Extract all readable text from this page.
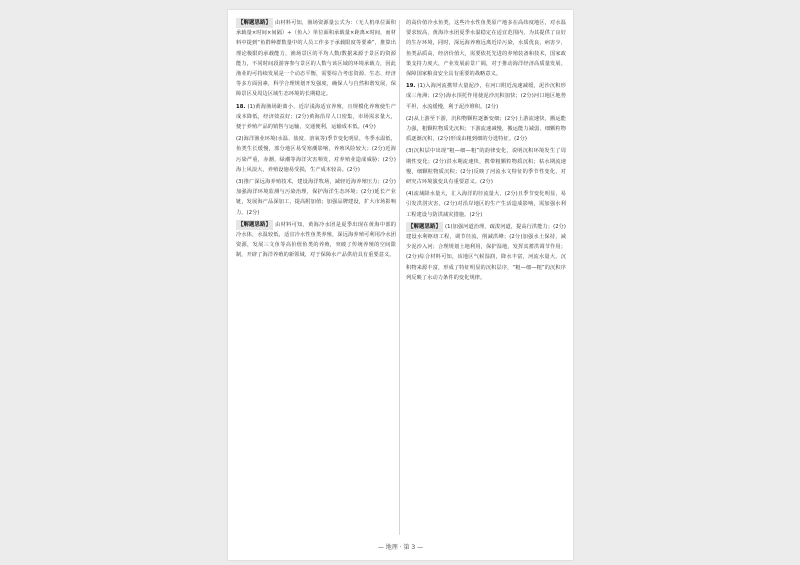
【解题思路】 由材料可知，渔场资源量公式为：（无人机单位面积承载量×时间×间隔）÷（鱼入）单位面积承载量×距离×时间，而材料中提到“鱼群种群数量中的人员工作多于承载限度等要素”，推算出理论极限的承载能力，渔场景区的平均人数/数据来源于景区的资源能力，不同时间段游客参与景区的人数与该区域的环境承载力，因此渔业的可持续发展是一个动态平衡，需要综合考虑资源、生态、经济等多方面因素，科学合理规划开发强度，确保人与自然和谐发展，保障景区及周边区域生态环境的长期稳定。

18. (1)黄海渔场距离小，近岸浅海适宜养殖，且规模化养殖使生产成本降低，经济效益好；(2分)黄海沿岸人口密集，市场需求量大，便于养殖产品的销售与运输，交通便利，运输成本低。(4分)

(2)海洋渔业环境(水温、盐度、溶氧等)季节变化明显，冬季水温低，鱼类生长缓慢，部分地区易受寒潮影响，养殖风险较大；(2分)近海污染严重，赤潮、绿潮等海洋灾害频发，对养殖业造成威胁；(2分)海上风浪大，养殖设施易受损，生产成本较高。(2分)

(3)推广深远海养殖技术，建设海洋牧场，减轻近海养殖压力；(2分)加强海洋环境监测与污染治理，保护海洋生态环境；(2分)延长产业链，发展海产品深加工，提高附加值；加强品牌建设，扩大市场影响力。(2分)

【解题思路】 由材料可知，黄海冷水团是夏季出现在黄海中部的冷水体，水温较低，适宜冷水性鱼类养殖，深远海养殖可利用冷水团资源，发展三文鱼等高价值鱼类的养殖，突破了传统养殖的空间限制，开辟了海洋养殖的新领域，对于保障水产品供给具有重要意义。

的高价值冷水鱼类，这些冷水性鱼类原产地多在高纬度地区，对水温要求较高，黄海冷水团夏季水温稳定在适宜范围内，为其提供了良好的生存环境，同时，深远海养殖远离近岸污染，水质优良，病害少，鱼类品质高，经济价值大，需要依托先进的养殖装备和技术，国家政策支持力度大，产业发展前景广阔，对于推动海洋经济高质量发展、保障国家粮食安全具有重要的战略意义。

19. (1)入海河流携带大量泥沙，在河口附近流速减缓，泥沙沉积形成三角洲；(2分)海水顶托作用使泥沙沉积加快；(2分)河口地区地势平坦，水流缓慢，利于泥沙堆积。(2分)

(2)从上游至下游，沉积物颗粒逐渐变细；(2分)上游流速快，搬运能力强，粗颗粒物质先沉积；下游流速减慢，搬运能力减弱，细颗粒物质逐渐沉积，(2分)形成由粗到细的分选特征。(2分)

(3)沉积层中出现“粗—细—粗”的韵律变化，说明沉积环境发生了周期性变化；(2分)洪水期流速快，携带粗颗粒物质沉积；枯水期流速慢，细颗粒物质沉积；(2分)反映了河流水文特征的季节性变化，对研究古环境演变具有重要意义。(2分)

(4)流域降水量大，汇入海洋的径流量大，(2分)且季节变化明显，易引发洪涝灾害，(2分)对沿岸地区的生产生活造成影响，需加强水利工程建设与防洪减灾措施。(2分)

【解题思路】 (1)加强河道治理，疏浚河道，提高行洪能力；(2分)建设水利枢纽工程，调节径流，削减洪峰；(2分)加强水土保持，减少泥沙入河；合理规划土地利用，保护湿地，发挥其蓄洪调节作用；(2分)综合材料可知，该地区气候湿润，降水丰富，河流水量大，沉积物来源丰富，形成了特征明显的沉积层序，“粗—细—粗”的沉积序列反映了水动力条件的变化规律。

— 地理 · 第 3 —
